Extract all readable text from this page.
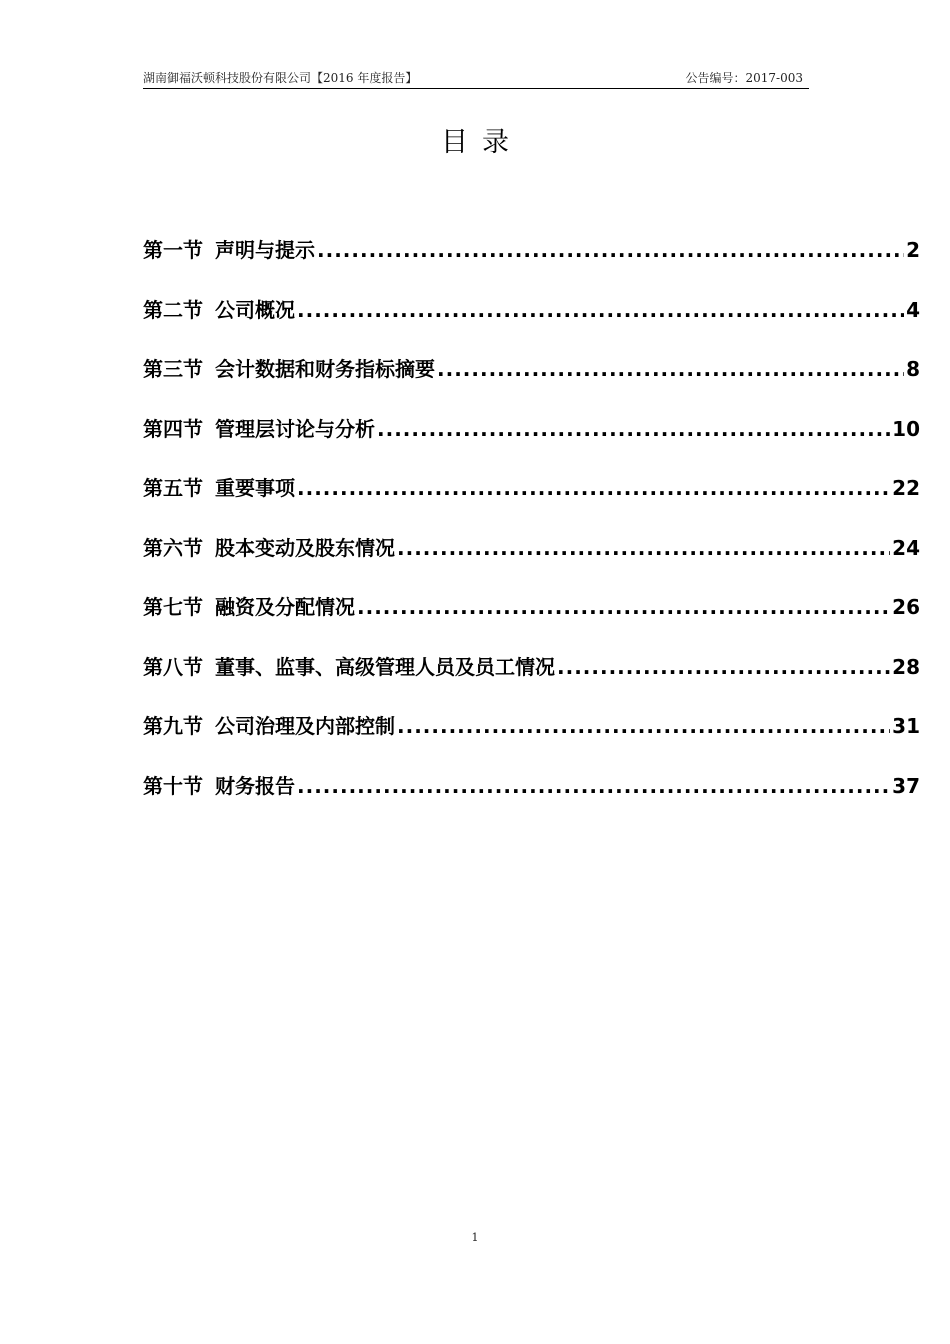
湖南御福沃顿科技股份有限公司【2016 年度报告】	公告编号：2017-003
目录
第一节 声明与提示 .....	2
第二节 公司概况 .....	4
第三节 会计数据和财务指标摘要 .....	8
第四节 管理层讨论与分析 .....	10
第五节 重要事项 .....	22
第六节 股本变动及股东情况 .....	24
第七节 融资及分配情况 .....	26
第八节 董事、监事、高级管理人员及员工情况 .....	28
第九节 公司治理及内部控制 .....	31
第十节 财务报告 .....	37
1
